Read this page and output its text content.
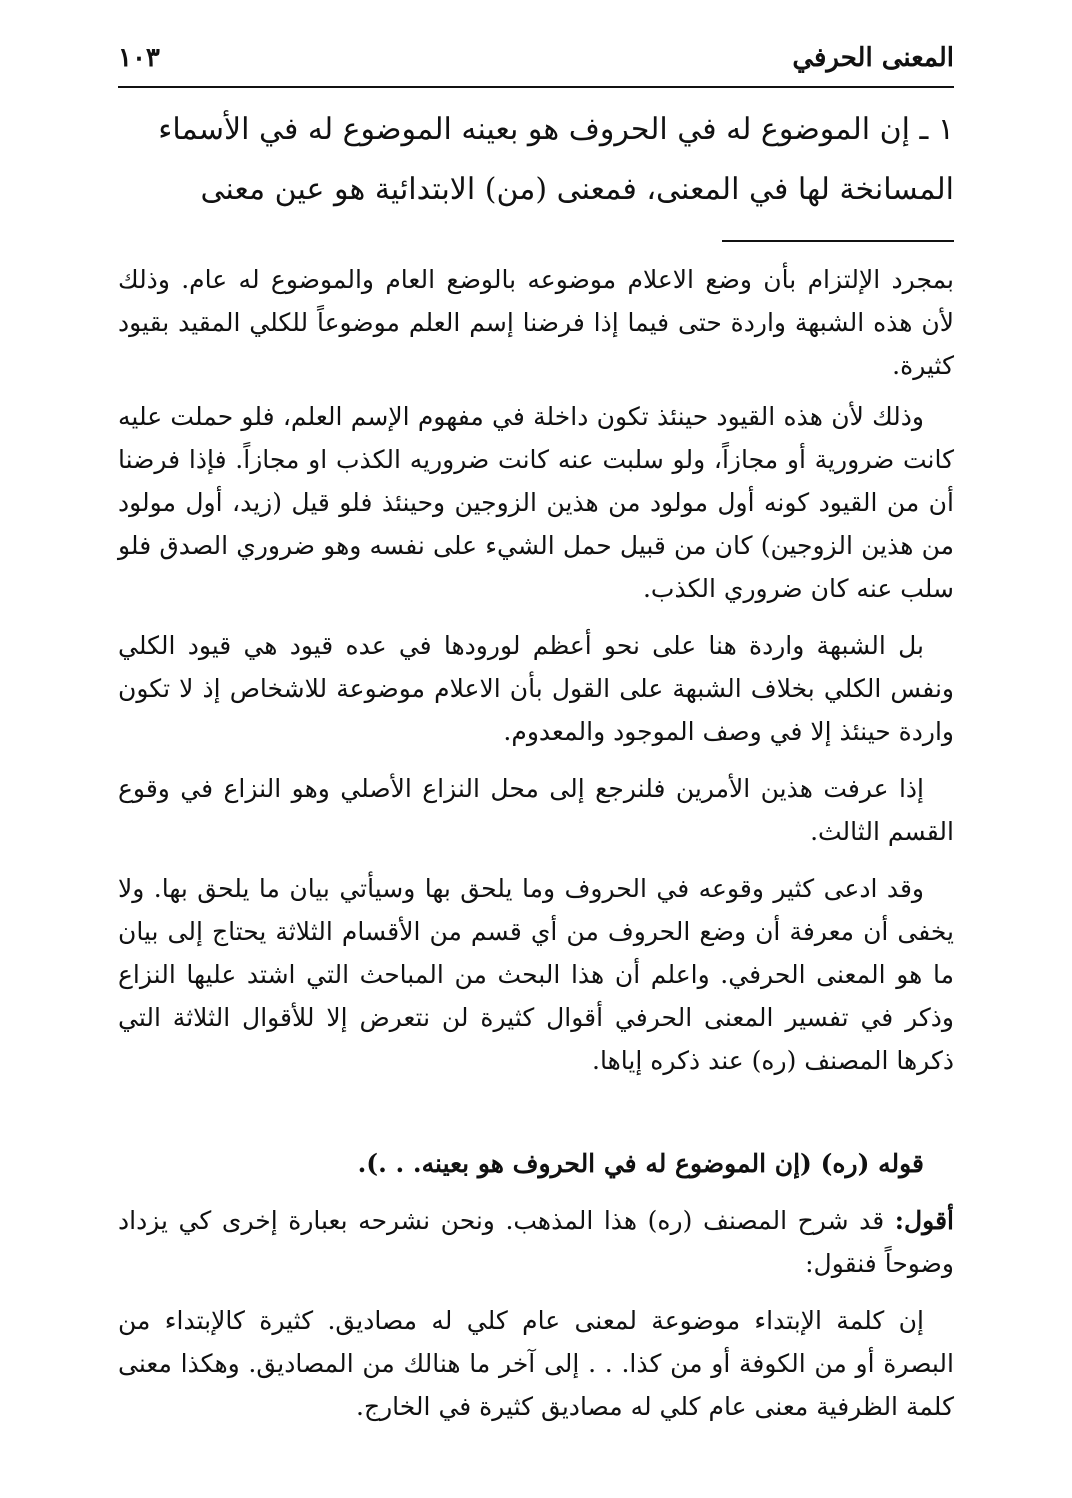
المعنى الحرفي
١٠٣

١ ـ إن الموضوع له في الحروف هو بعينه الموضوع له في الأسماء

المسانخة لها في المعنى، فمعنى (من) الابتدائية هو عين معنى

بمجرد الإلتزام بأن وضع الاعلام موضوعه بالوضع العام والموضوع له عام. وذلك لأن هذه الشبهة واردة حتى فيما إذا فرضنا إسم العلم موضوعاً للكلي المقيد بقيود كثيرة.

وذلك لأن هذه القيود حينئذ تكون داخلة في مفهوم الإسم العلم، فلو حملت عليه كانت ضرورية أو مجازاً، ولو سلبت عنه كانت ضروريه الكذب او مجازاً. فإذا فرضنا أن من القيود كونه أول مولود من هذين الزوجين وحينئذ فلو قيل (زيد، أول مولود من هذين الزوجين) كان من قبيل حمل الشيء على نفسه وهو ضروري الصدق فلو سلب عنه كان ضروري الكذب.

بل الشبهة واردة هنا على نحو أعظم لورودها في عده قيود هي قيود الكلي ونفس الكلي بخلاف الشبهة على القول بأن الاعلام موضوعة للاشخاص إذ لا تكون واردة حينئذ إلا في وصف الموجود والمعدوم.

إذا عرفت هذين الأمرين فلنرجع إلى محل النزاع الأصلي وهو النزاع في وقوع القسم الثالث.

وقد ادعى كثير وقوعه في الحروف وما يلحق بها وسيأتي بيان ما يلحق بها. ولا يخفى أن معرفة أن وضع الحروف من أي قسم من الأقسام الثلاثة يحتاج إلى بيان ما هو المعنى الحرفي. واعلم أن هذا البحث من المباحث التي اشتد عليها النزاع وذكر في تفسير المعنى الحرفي أقوال كثيرة لن نتعرض إلا للأقوال الثلاثة التي ذكرها المصنف (ره) عند ذكره إياها.

قوله (ره) (إن الموضوع له في الحروف هو بعينه. . .).

أقول: قد شرح المصنف (ره) هذا المذهب. ونحن نشرحه بعبارة إخرى كي يزداد وضوحاً فنقول:

إن كلمة الإبتداء موضوعة لمعنى عام كلي له مصاديق. كثيرة كالإبتداء من البصرة أو من الكوفة أو من كذا. . . إلى آخر ما هنالك من المصاديق. وهكذا معنى كلمة الظرفية معنى عام كلي له مصاديق كثيرة في الخارج.
